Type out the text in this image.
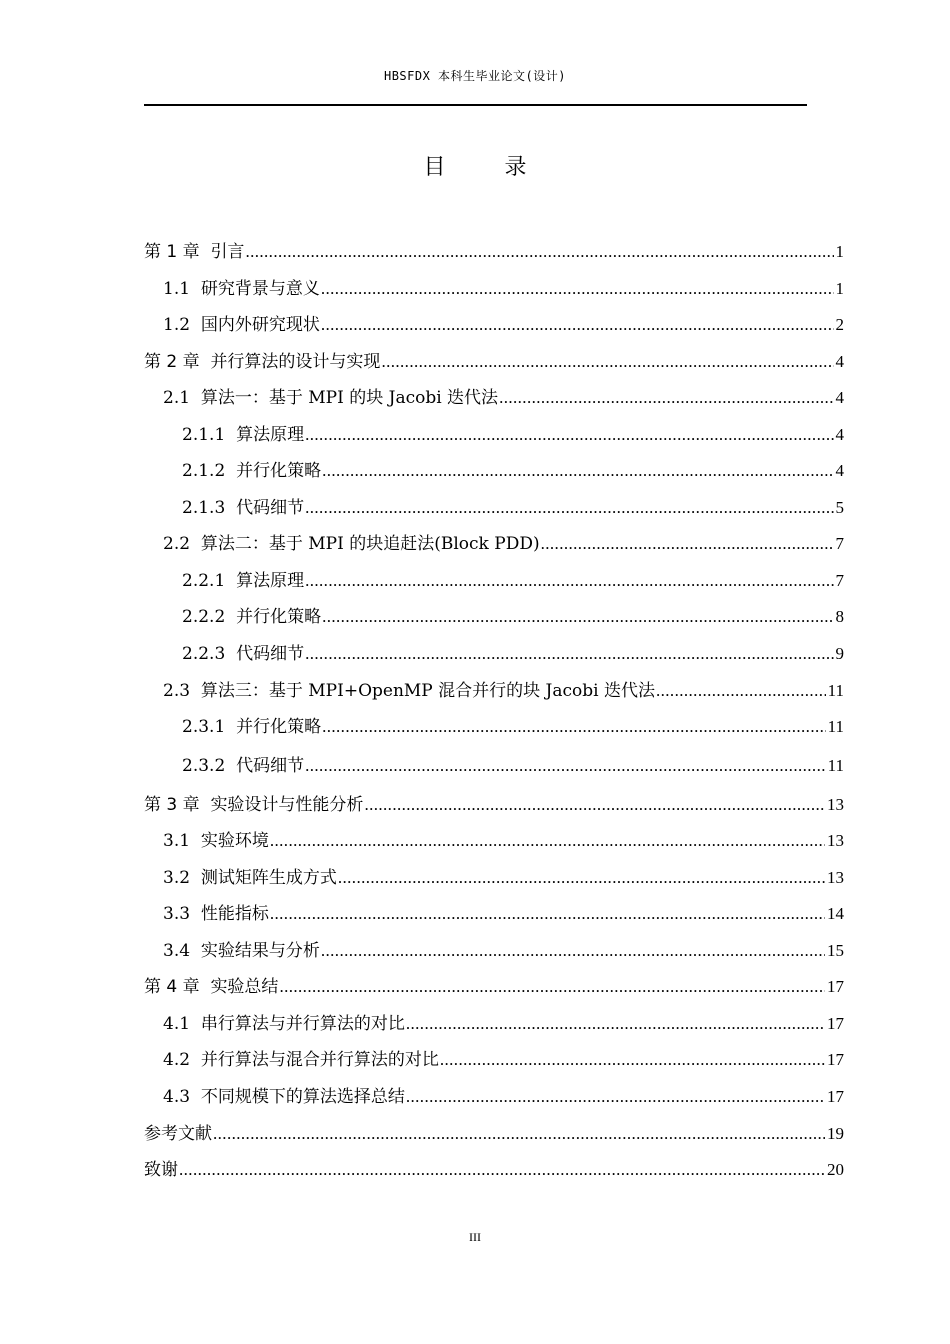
HBSFDX 本科生毕业论文(设计)
目 录
第 1 章 引言 .....	1
1.1 研究背景与意义 .....	1
1.2 国内外研究现状 .....	2
第 2 章 并行算法的设计与实现 .....	4
2.1 算法一：基于 MPI 的块 Jacobi 迭代法 .....	4
2.1.1 算法原理 .....	4
2.1.2 并行化策略 .....	4
2.1.3 代码细节 .....	5
2.2 算法二：基于 MPI 的块追赶法(Block PDD) .....	7
2.2.1 算法原理 .....	7
2.2.2 并行化策略 .....	8
2.2.3 代码细节 .....	9
2.3 算法三：基于 MPI+OpenMP 混合并行的块 Jacobi 迭代法 .....	11
2.3.1 并行化策略 .....	11
2.3.2 代码细节 .....	11
第 3 章 实验设计与性能分析 .....	13
3.1 实验环境 .....	13
3.2 测试矩阵生成方式 .....	13
3.3 性能指标 .....	14
3.4 实验结果与分析 .....	15
第 4 章 实验总结 .....	17
4.1 串行算法与并行算法的对比 .....	17
4.2 并行算法与混合并行算法的对比 .....	17
4.3 不同规模下的算法选择总结 .....	17
参考文献 .....	19
致谢 .....	20
III
